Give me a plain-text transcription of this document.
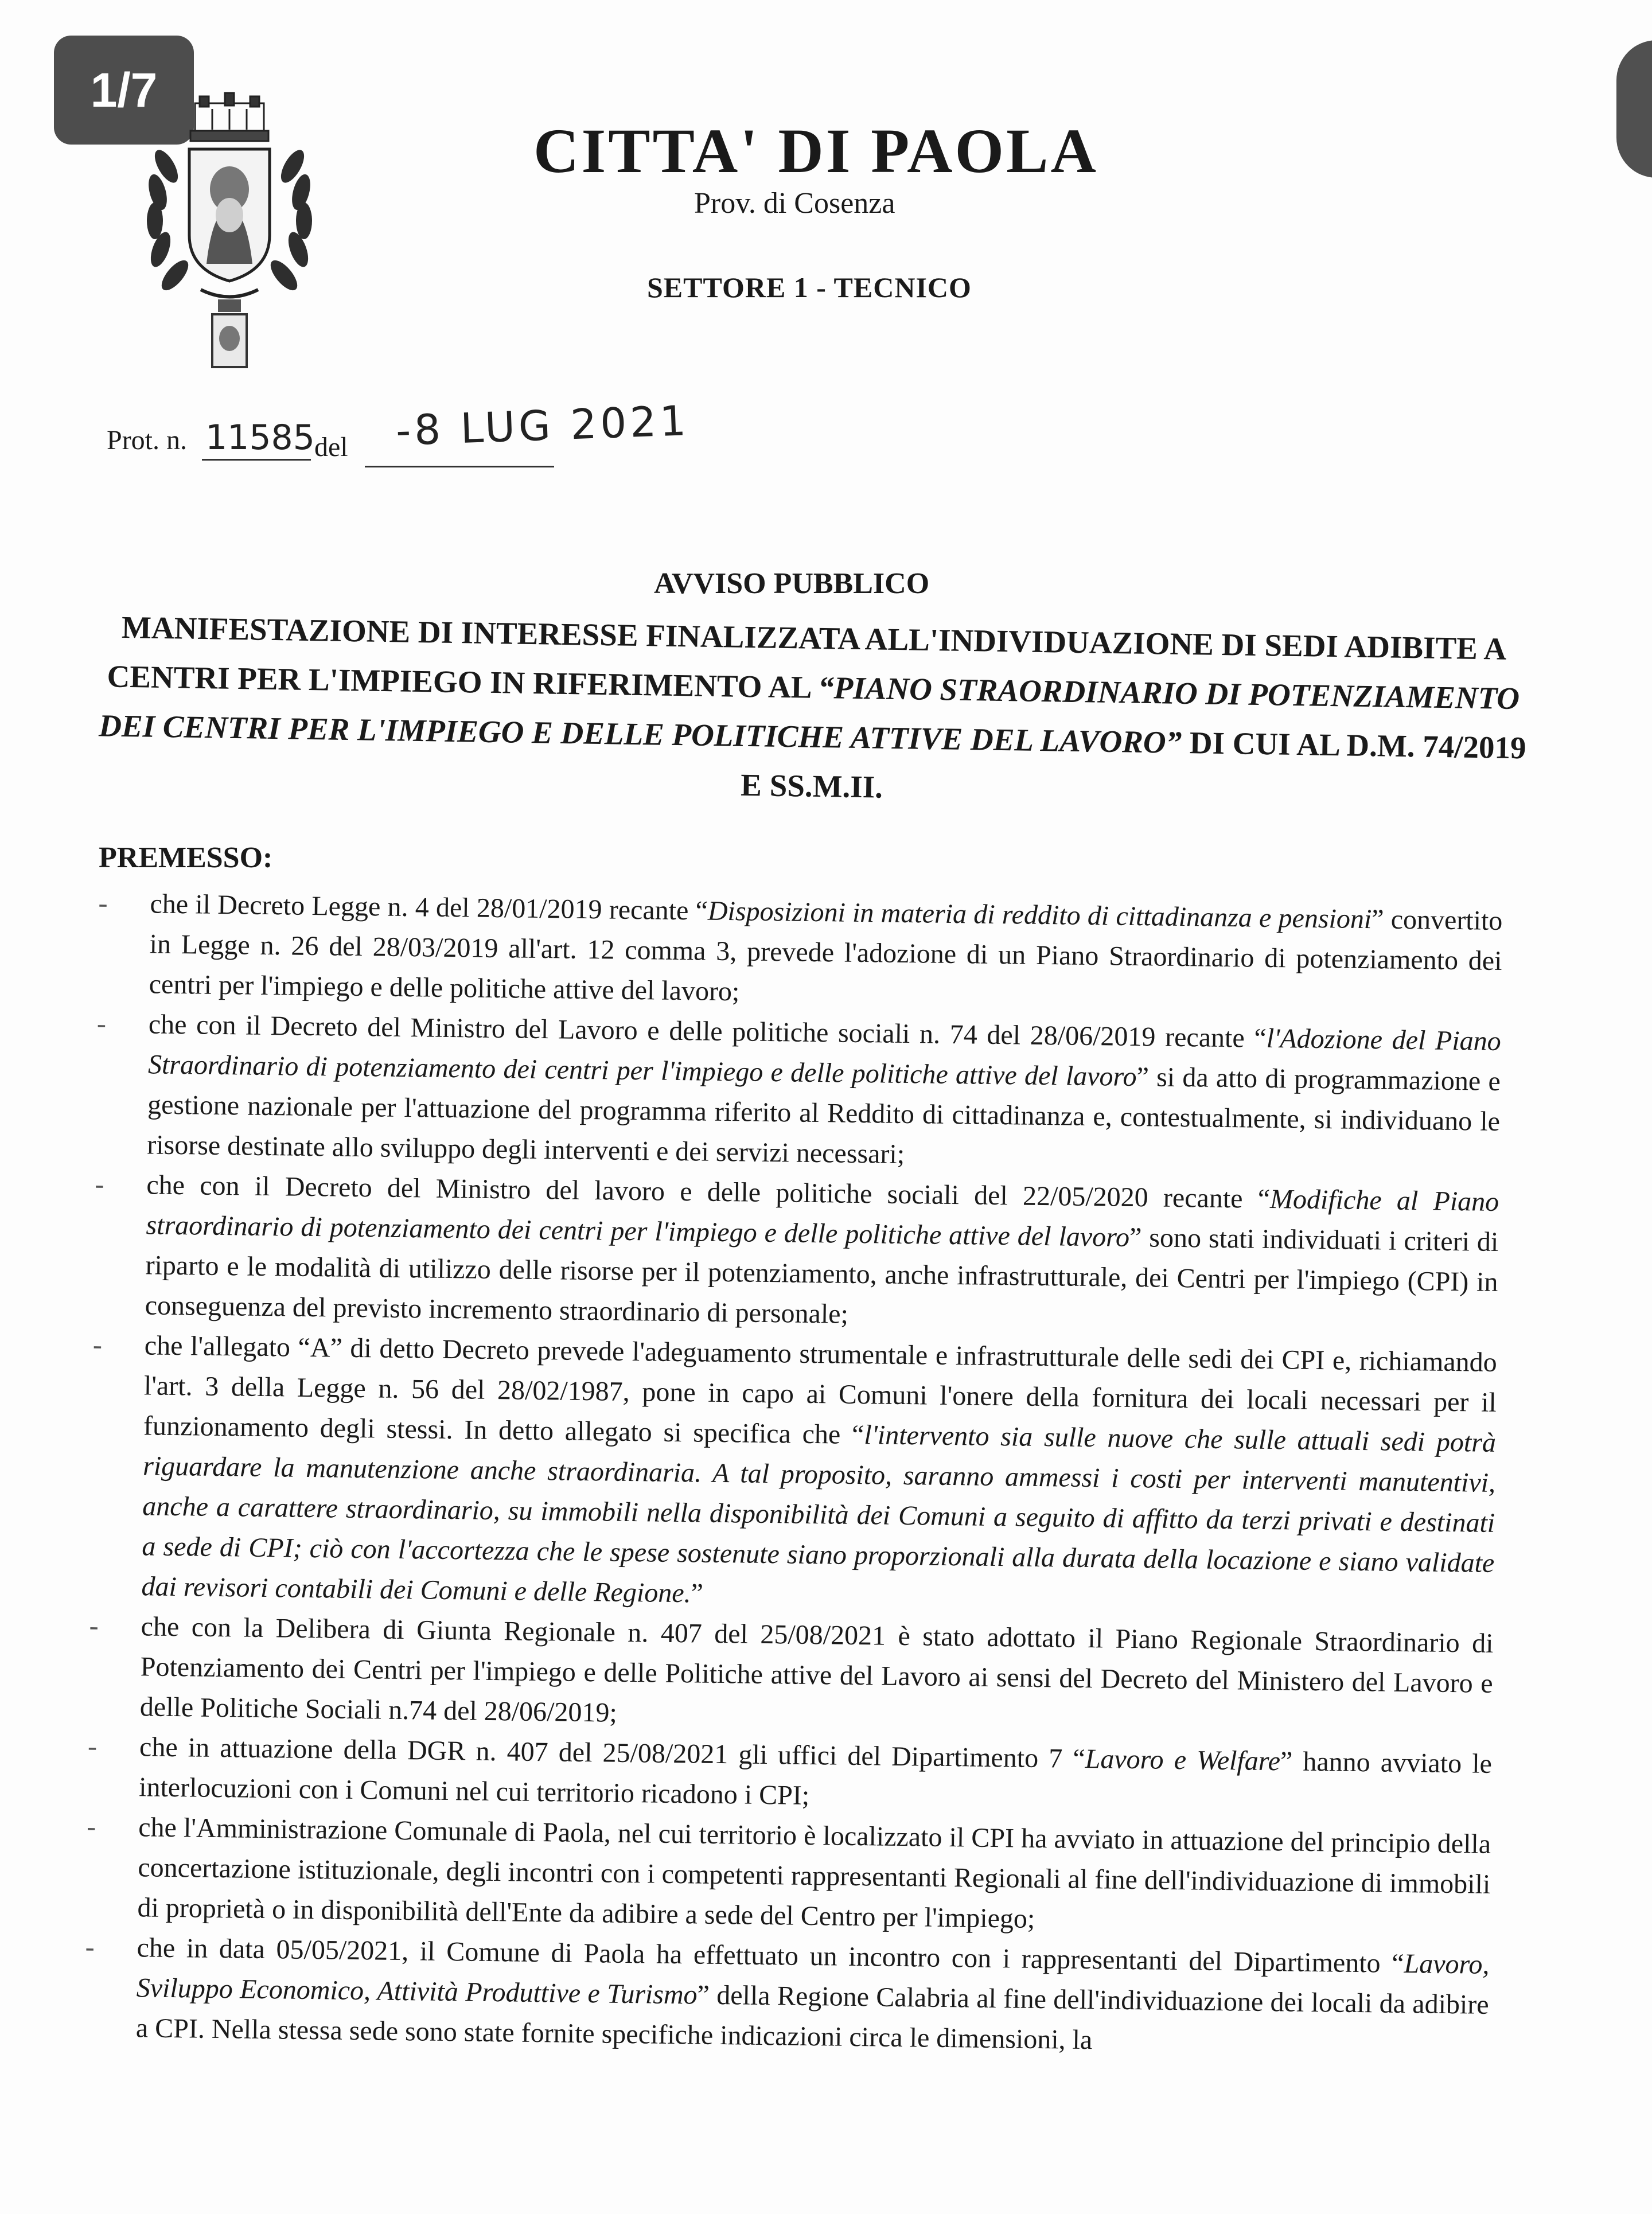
1/7
CITTA' DI PAOLA
Prov. di Cosenza
SETTORE 1 - TECNICO
Prot. n. 11585 del -8 LUG 2021
AVVISO PUBBLICO
MANIFESTAZIONE DI INTERESSE FINALIZZATA ALL'INDIVIDUAZIONE DI SEDI ADIBITE A CENTRI PER L'IMPIEGO IN RIFERIMENTO AL “PIANO STRAORDINARIO DI POTENZIAMENTO DEI CENTRI PER L'IMPIEGO E DELLE POLITICHE ATTIVE DEL LAVORO” DI CUI AL D.M. 74/2019 E SS.M.II.
PREMESSO:
-	che il Decreto Legge n. 4 del 28/01/2019 recante “Disposizioni in materia di reddito di cittadinanza e pensioni” convertito in Legge n. 26 del 28/03/2019 all'art. 12 comma 3, prevede l'adozione di un Piano Straordinario di potenziamento dei centri per l'impiego e delle politiche attive del lavoro;
-	che con il Decreto del Ministro del Lavoro e delle politiche sociali n. 74 del 28/06/2019 recante “l'Adozione del Piano Straordinario di potenziamento dei centri per l'impiego e delle politiche attive del lavoro” si da atto di programmazione e gestione nazionale per l'attuazione del programma riferito al Reddito di cittadinanza e, contestualmente, si individuano le risorse destinate allo sviluppo degli interventi e dei servizi necessari;
-	che con il Decreto del Ministro del lavoro e delle politiche sociali del 22/05/2020 recante “Modifiche al Piano straordinario di potenziamento dei centri per l'impiego e delle politiche attive del lavoro” sono stati individuati i criteri di riparto e le modalità di utilizzo delle risorse per il potenziamento, anche infrastrutturale, dei Centri per l'impiego (CPI) in conseguenza del previsto incremento straordinario di personale;
-	che l'allegato “A” di detto Decreto prevede l'adeguamento strumentale e infrastrutturale delle sedi dei CPI e, richiamando l'art. 3 della Legge n. 56 del 28/02/1987, pone in capo ai Comuni l'onere della fornitura dei locali necessari per il funzionamento degli stessi. In detto allegato si specifica che “l'intervento sia sulle nuove che sulle attuali sedi potrà riguardare la manutenzione anche straordinaria. A tal proposito, saranno ammessi i costi per interventi manutentivi, anche a carattere straordinario, su immobili nella disponibilità dei Comuni a seguito di affitto da terzi privati e destinati a sede di CPI; ciò con l'accortezza che le spese sostenute siano proporzionali alla durata della locazione e siano validate dai revisori contabili dei Comuni e delle Regione.”
-	che con la Delibera di Giunta Regionale n. 407 del 25/08/2021 è stato adottato il Piano Regionale Straordinario di Potenziamento dei Centri per l'impiego e delle Politiche attive del Lavoro ai sensi del Decreto del Ministero del Lavoro e delle Politiche Sociali n.74 del 28/06/2019;
-	che in attuazione della DGR n. 407 del 25/08/2021 gli uffici del Dipartimento 7 “Lavoro e Welfare” hanno avviato le interlocuzioni con i Comuni nel cui territorio ricadono i CPI;
-	che l'Amministrazione Comunale di Paola, nel cui territorio è localizzato il CPI ha avviato in attuazione del principio della concertazione istituzionale, degli incontri con i competenti rappresentanti Regionali al fine dell'individuazione di immobili di proprietà o in disponibilità dell'Ente da adibire a sede del Centro per l'impiego;
-	che in data 05/05/2021, il Comune di Paola ha effettuato un incontro con i rappresentanti del Dipartimento “Lavoro, Sviluppo Economico, Attività Produttive e Turismo” della Regione Calabria al fine dell'individuazione dei locali da adibire a CPI. Nella stessa sede sono state fornite specifiche indicazioni circa le dimensioni, la
